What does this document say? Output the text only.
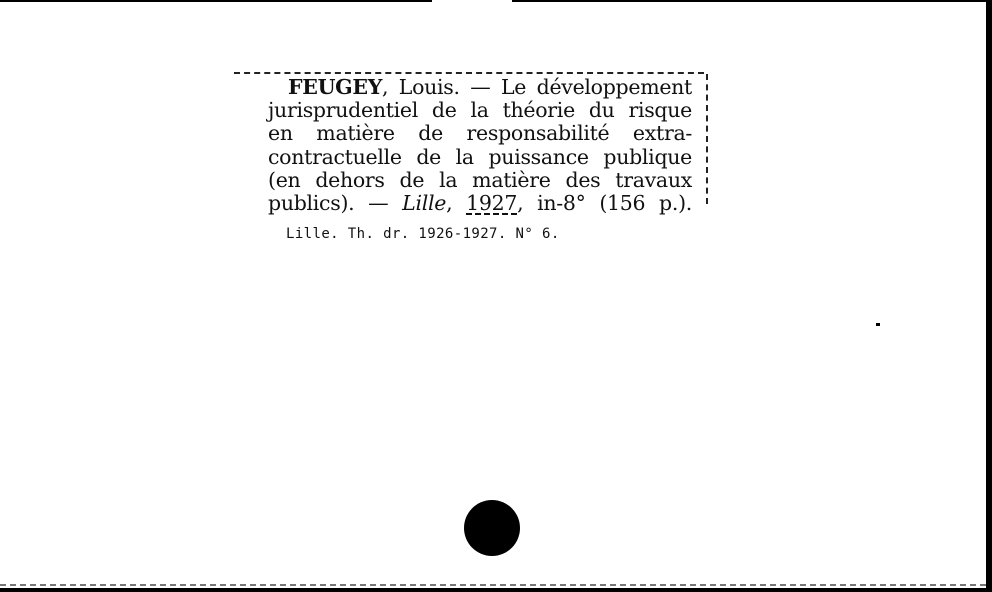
FEUGEY, Louis. — Le développement
jurisprudentiel de la théorie du risque
en matière de responsabilité extra-
contractuelle de la puissance publique
(en dehors de la matière des travaux
publics). — Lille, 1927, in-8° (156 p.).
Lille. Th. dr. 1926-1927. N° 6.
